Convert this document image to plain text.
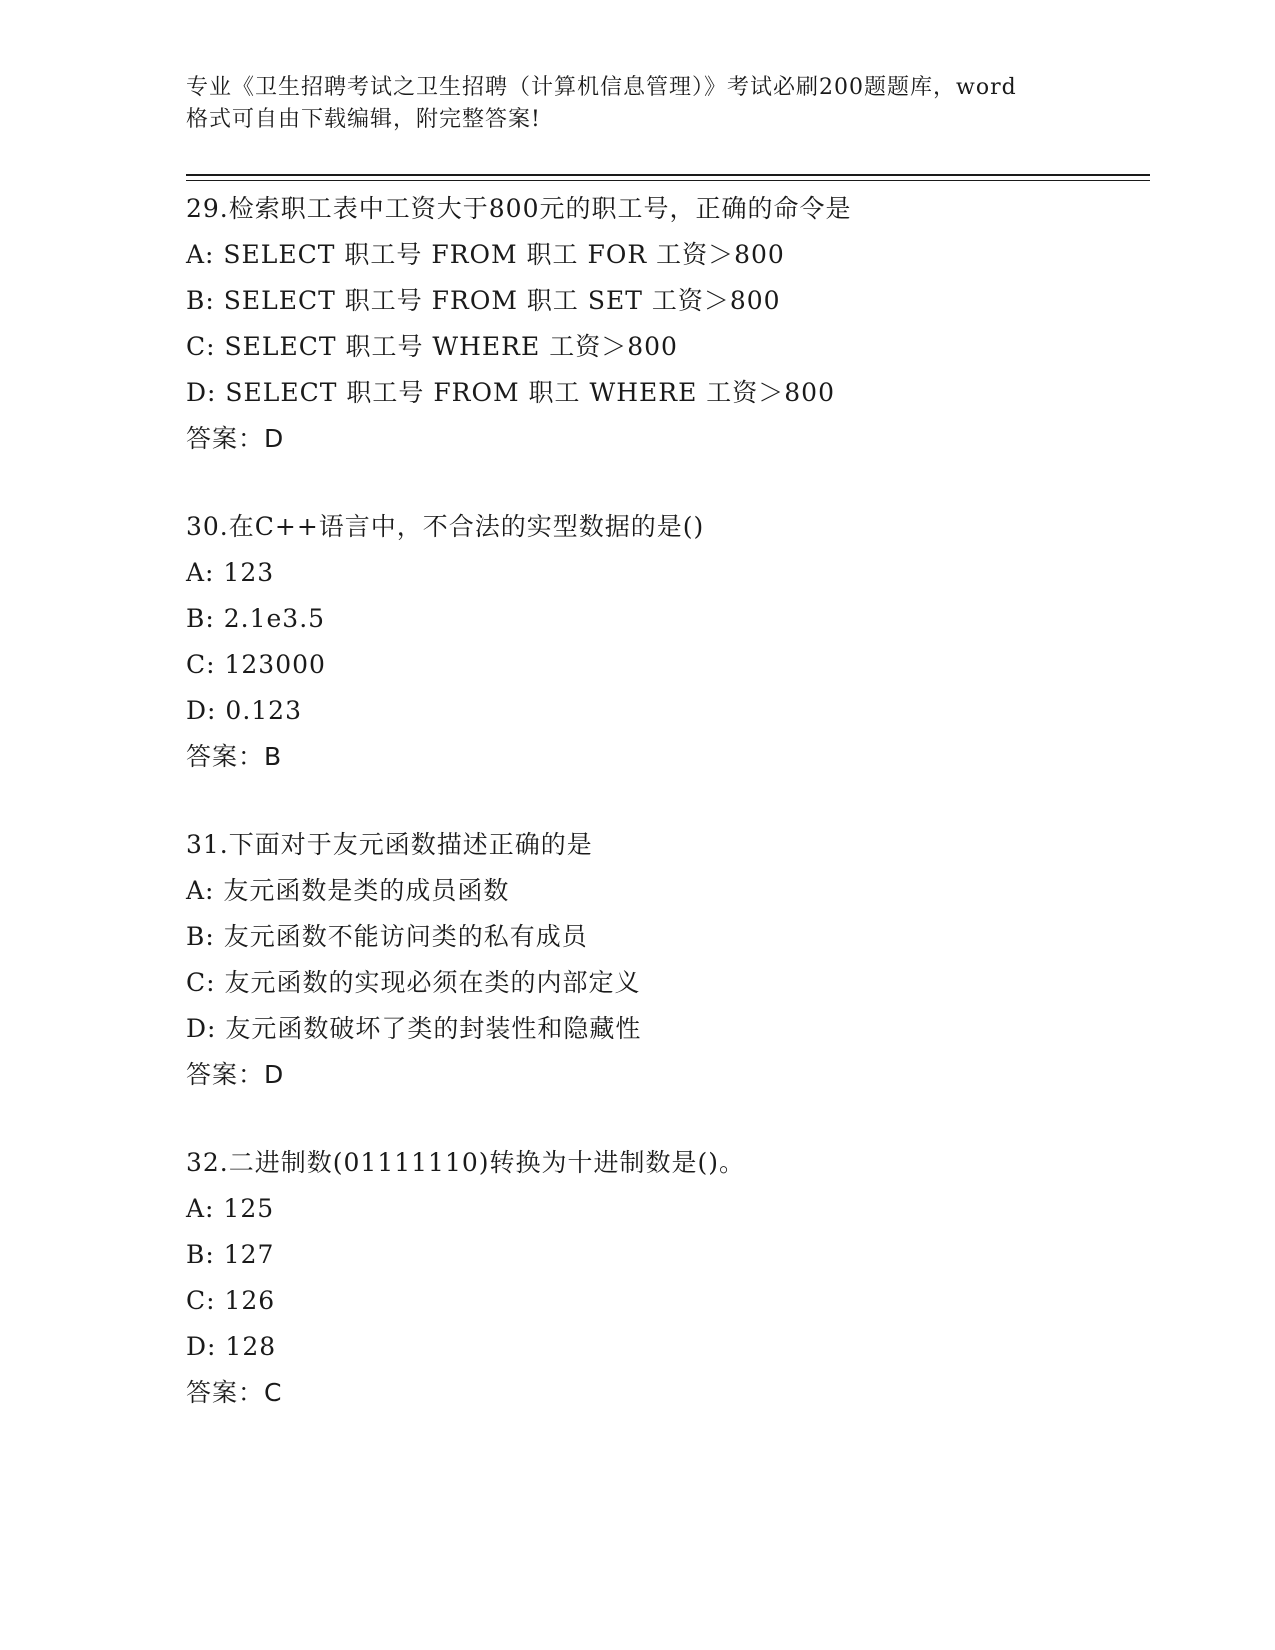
专业《卫生招聘考试之卫生招聘（计算机信息管理）》考试必刷200题题库，word

格式可自由下载编辑，附完整答案!

29.检索职工表中工资大于800元的职工号，正确的命令是
A: SELECT 职工号 FROM 职工 FOR 工资＞800
B: SELECT 职工号 FROM 职工 SET 工资＞800
C: SELECT 职工号 WHERE 工资＞800
D: SELECT 职工号 FROM 职工 WHERE 工资＞800
答案：D
30.在C++语言中，不合法的实型数据的是()
A: 123
B: 2.1e3.5
C: 123000
D: 0.123
答案：B
31.下面对于友元函数描述正确的是
A: 友元函数是类的成员函数
B: 友元函数不能访问类的私有成员
C: 友元函数的实现必须在类的内部定义
D: 友元函数破坏了类的封装性和隐藏性
答案：D
32.二进制数(01111110)转换为十进制数是()。
A: 125
B: 127
C: 126
D: 128
答案：C
